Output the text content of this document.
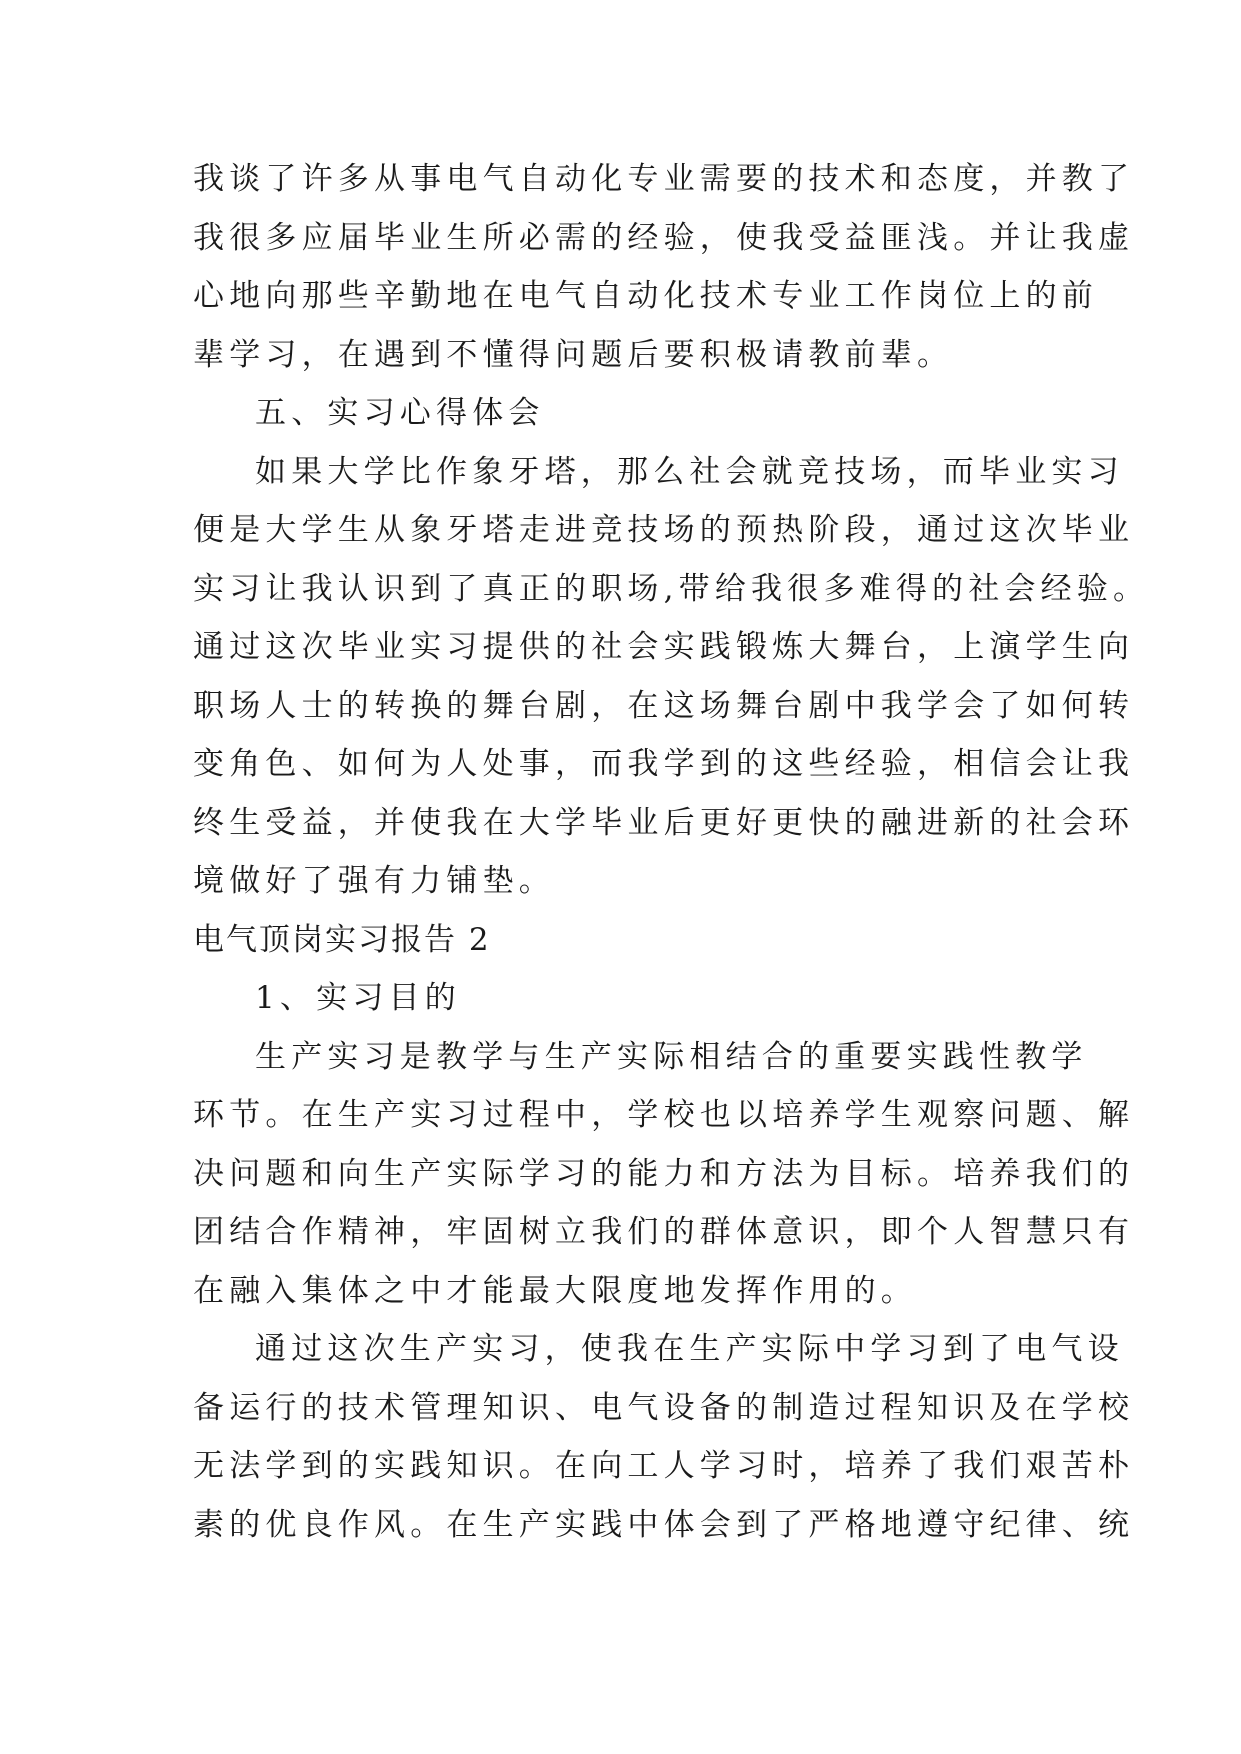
我谈了许多从事电气自动化专业需要的技术和态度，并教了
我很多应届毕业生所必需的经验，使我受益匪浅。并让我虚
心地向那些辛勤地在电气自动化技术专业工作岗位上的前
辈学习，在遇到不懂得问题后要积极请教前辈。
五、实习心得体会
如果大学比作象牙塔，那么社会就竞技场，而毕业实习
便是大学生从象牙塔走进竞技场的预热阶段，通过这次毕业
实习让我认识到了真正的职场,带给我很多难得的社会经验。
通过这次毕业实习提供的社会实践锻炼大舞台，上演学生向
职场人士的转换的舞台剧，在这场舞台剧中我学会了如何转
变角色、如何为人处事，而我学到的这些经验，相信会让我
终生受益，并使我在大学毕业后更好更快的融进新的社会环
境做好了强有力铺垫。
电气顶岗实习报告 2
1、实习目的
生产实习是教学与生产实际相结合的重要实践性教学
环节。在生产实习过程中，学校也以培养学生观察问题、解
决问题和向生产实际学习的能力和方法为目标。培养我们的
团结合作精神，牢固树立我们的群体意识，即个人智慧只有
在融入集体之中才能最大限度地发挥作用的。
通过这次生产实习，使我在生产实际中学习到了电气设
备运行的技术管理知识、电气设备的制造过程知识及在学校
无法学到的实践知识。在向工人学习时，培养了我们艰苦朴
素的优良作风。在生产实践中体会到了严格地遵守纪律、统
